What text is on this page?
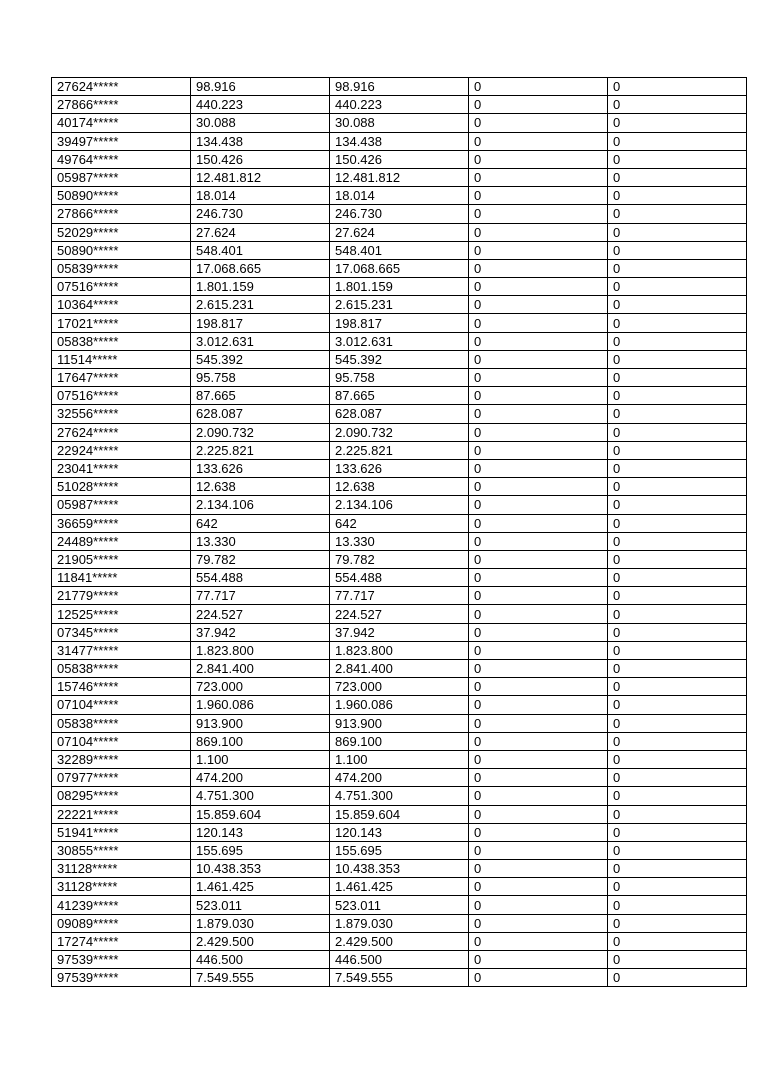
27624*****	98.916	98.916	0	0
27866*****	440.223	440.223	0	0
40174*****	30.088	30.088	0	0
39497*****	134.438	134.438	0	0
49764*****	150.426	150.426	0	0
05987*****	12.481.812	12.481.812	0	0
50890*****	18.014	18.014	0	0
27866*****	246.730	246.730	0	0
52029*****	27.624	27.624	0	0
50890*****	548.401	548.401	0	0
05839*****	17.068.665	17.068.665	0	0
07516*****	1.801.159	1.801.159	0	0
10364*****	2.615.231	2.615.231	0	0
17021*****	198.817	198.817	0	0
05838*****	3.012.631	3.012.631	0	0
11514*****	545.392	545.392	0	0
17647*****	95.758	95.758	0	0
07516*****	87.665	87.665	0	0
32556*****	628.087	628.087	0	0
27624*****	2.090.732	2.090.732	0	0
22924*****	2.225.821	2.225.821	0	0
23041*****	133.626	133.626	0	0
51028*****	12.638	12.638	0	0
05987*****	2.134.106	2.134.106	0	0
36659*****	642	642	0	0
24489*****	13.330	13.330	0	0
21905*****	79.782	79.782	0	0
11841*****	554.488	554.488	0	0
21779*****	77.717	77.717	0	0
12525*****	224.527	224.527	0	0
07345*****	37.942	37.942	0	0
31477*****	1.823.800	1.823.800	0	0
05838*****	2.841.400	2.841.400	0	0
15746*****	723.000	723.000	0	0
07104*****	1.960.086	1.960.086	0	0
05838*****	913.900	913.900	0	0
07104*****	869.100	869.100	0	0
32289*****	1.100	1.100	0	0
07977*****	474.200	474.200	0	0
08295*****	4.751.300	4.751.300	0	0
22221*****	15.859.604	15.859.604	0	0
51941*****	120.143	120.143	0	0
30855*****	155.695	155.695	0	0
31128*****	10.438.353	10.438.353	0	0
31128*****	1.461.425	1.461.425	0	0
41239*****	523.011	523.011	0	0
09089*****	1.879.030	1.879.030	0	0
17274*****	2.429.500	2.429.500	0	0
97539*****	446.500	446.500	0	0
97539*****	7.549.555	7.549.555	0	0
